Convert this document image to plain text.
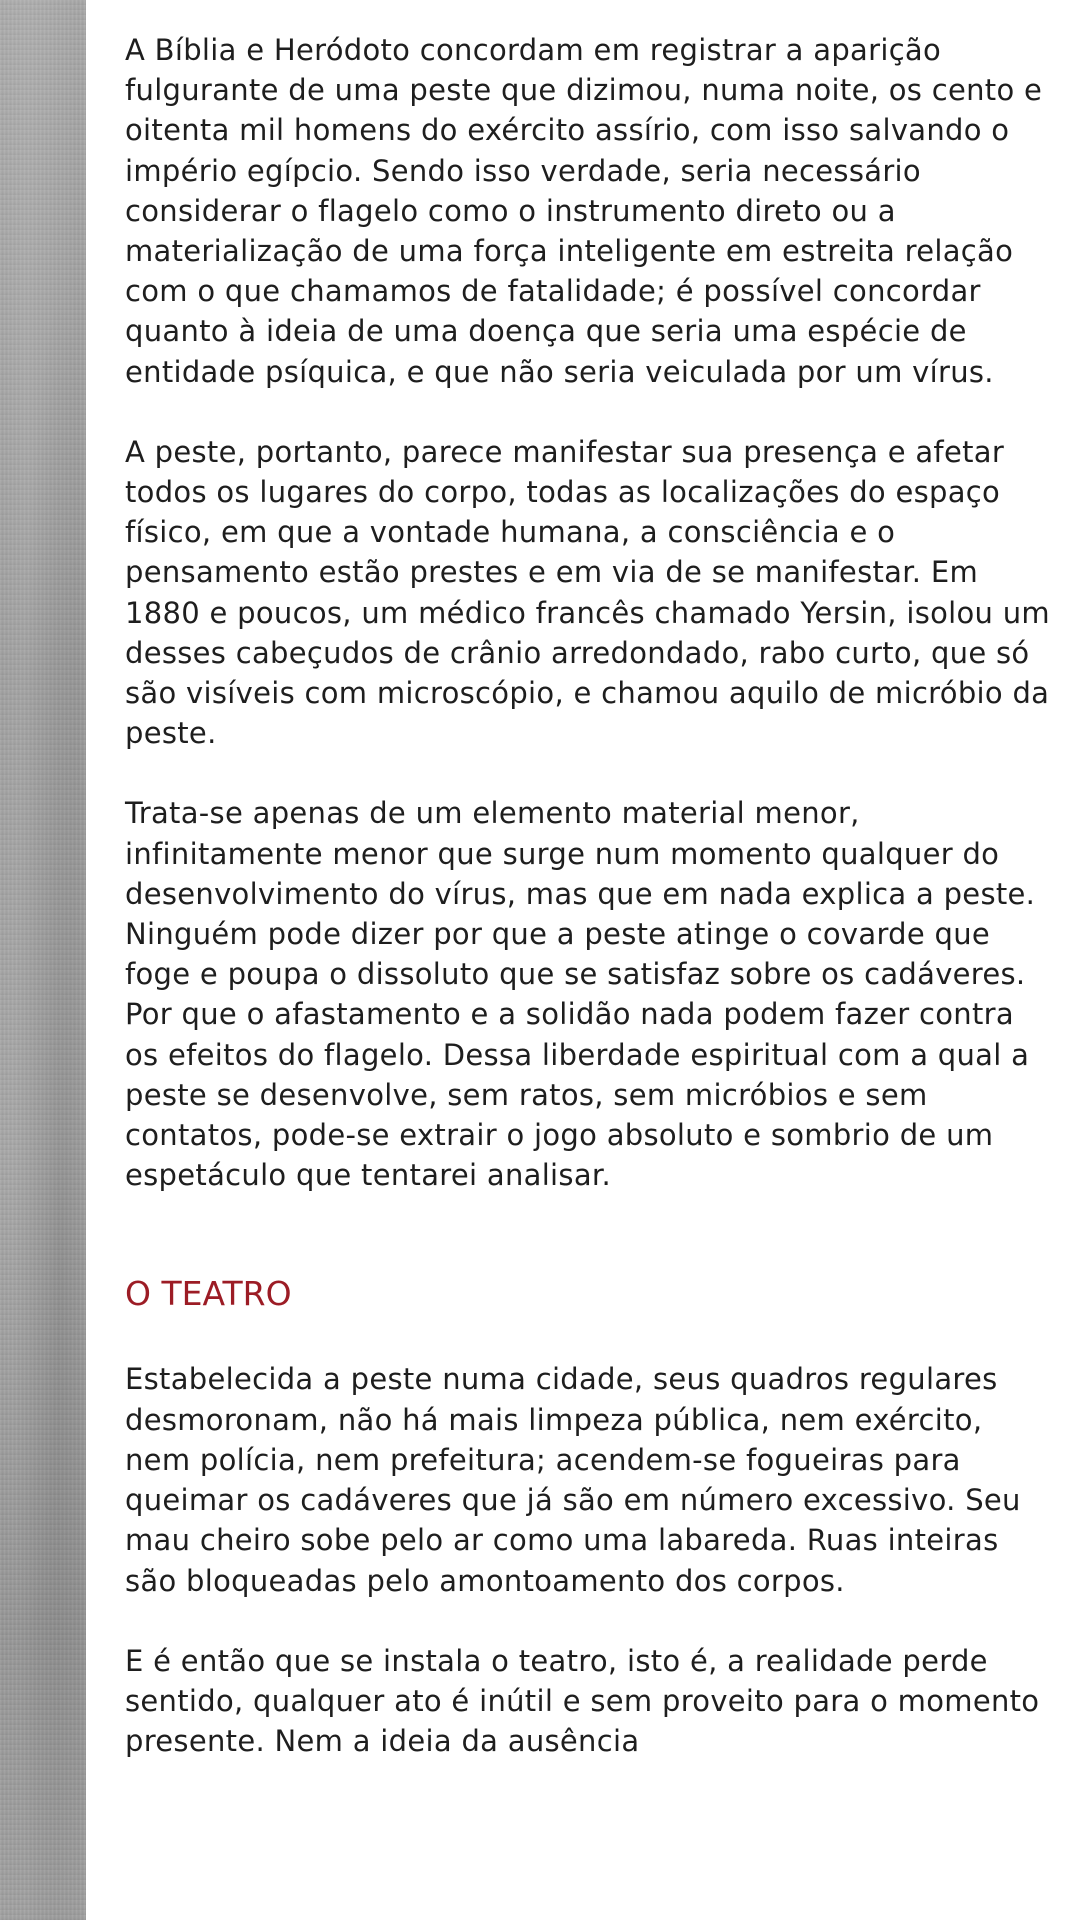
A Bíblia e Heródoto concordam em registrar a aparição fulgurante de uma peste que dizimou, numa noite, os cento e oitenta mil homens do exército assírio, com isso salvando o império egípcio. Sendo isso verdade, seria necessário considerar o flagelo como o instrumento direto ou a materialização de uma força inteligente em estreita relação com o que chamamos de fatalidade; é possível concordar quanto à ideia de uma doença que seria uma espécie de entidade psíquica, e que não seria veiculada por um vírus.

A peste, portanto, parece manifestar sua presença e afetar todos os lugares do corpo, todas as localizações do espaço físico, em que a vontade humana, a consciência e o pensamento estão prestes e em via de se manifestar. Em 1880 e poucos, um médico francês chamado Yersin, isolou um desses cabeçudos de crânio arredondado, rabo curto, que só são visíveis com microscópio, e chamou aquilo de micróbio da peste.

Trata-se apenas de um elemento material menor, infinitamente menor que surge num momento qualquer do desenvolvimento do vírus, mas que em nada explica a peste. Ninguém pode dizer por que a peste atinge o covarde que foge e poupa o dissoluto que se satisfaz sobre os cadáveres. Por que o afastamento e a solidão nada podem fazer contra os efeitos do flagelo. Dessa liberdade espiritual com a qual a peste se desenvolve, sem ratos, sem micróbios e sem contatos, pode-se extrair o jogo absoluto e sombrio de um espetáculo que tentarei analisar.

O TEATRO

Estabelecida a peste numa cidade, seus quadros regulares desmoronam, não há mais limpeza pública, nem exército, nem polícia, nem prefeitura; acendem-se fogueiras para queimar os cadáveres que já são em número excessivo. Seu mau cheiro sobe pelo ar como uma labareda. Ruas inteiras são bloqueadas pelo amontoamento dos corpos.

E é então que se instala o teatro, isto é, a realidade perde sentido, qualquer ato é inútil e sem proveito para o momento presente. Nem a ideia da ausência
